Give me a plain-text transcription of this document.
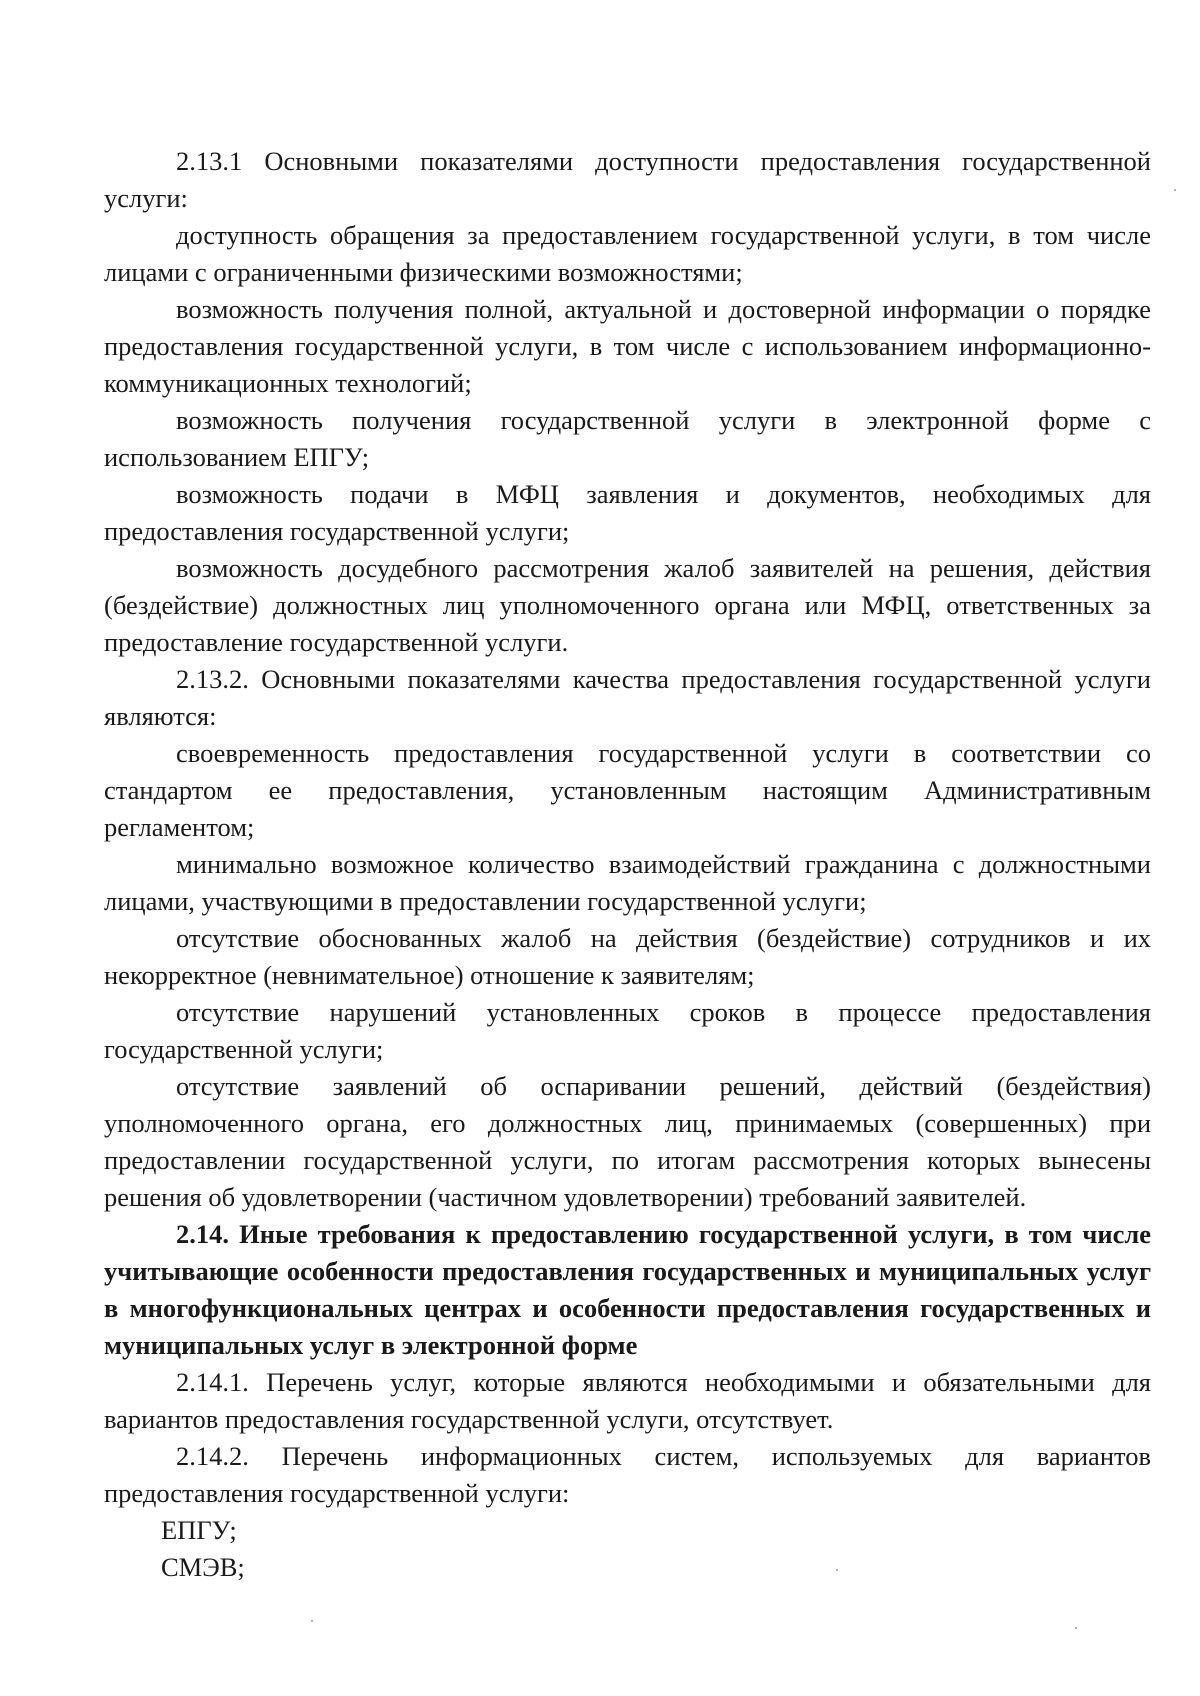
2.13.1 Основными показателями доступности предоставления государственной услуги:

доступность обращения за предоставлением государственной услуги, в том числе лицами с ограниченными физическими возможностями;

возможность получения полной, актуальной и достоверной информации о порядке предоставления государственной услуги, в том числе с использованием информационно-коммуникационных технологий;

возможность получения государственной услуги в электронной форме с использованием ЕПГУ;

возможность подачи в МФЦ заявления и документов, необходимых для предоставления государственной услуги;

возможность досудебного рассмотрения жалоб заявителей на решения, действия (бездействие) должностных лиц уполномоченного органа или МФЦ, ответственных за предоставление государственной услуги.

2.13.2. Основными показателями качества предоставления государственной услуги являются:

своевременность предоставления государственной услуги в соответствии со стандартом ее предоставления, установленным настоящим Административным регламентом;

минимально возможное количество взаимодействий гражданина с должностными лицами, участвующими в предоставлении государственной услуги;

отсутствие обоснованных жалоб на действия (бездействие) сотрудников и их некорректное (невнимательное) отношение к заявителям;

отсутствие нарушений установленных сроков в процессе предоставления государственной услуги;

отсутствие заявлений об оспаривании решений, действий (бездействия) уполномоченного органа, его должностных лиц, принимаемых (совершенных) при предоставлении государственной услуги, по итогам рассмотрения которых вынесены решения об удовлетворении (частичном удовлетворении) требований заявителей.

2.14. Иные требования к предоставлению государственной услуги, в том числе учитывающие особенности предоставления государственных и муниципальных услуг в многофункциональных центрах и особенности предоставления государственных и муниципальных услуг в электронной форме

2.14.1. Перечень услуг, которые являются необходимыми и обязательными для вариантов предоставления государственной услуги, отсутствует.

2.14.2. Перечень информационных систем, используемых для вариантов предоставления государственной услуги:

ЕПГУ;

СМЭВ;
